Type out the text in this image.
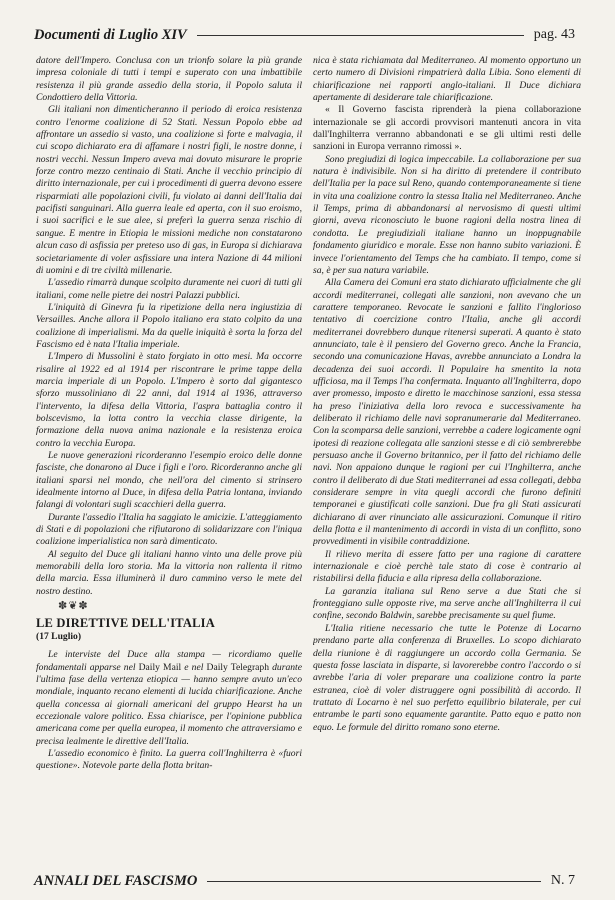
Documenti di Luglio XIV	pag. 43

datore dell'Impero. Conclusa con un trionfo solare la più grande impresa coloniale di tutti i tempi e superato con una imbattibile resistenza il più grande assedio della storia, il Popolo saluta il Condottiero della Vittoria.

Gli italiani non dimenticheranno il periodo di eroica resistenza contro l'enorme coalizione di 52 Stati. Nessun Popolo ebbe ad affrontare un assedio si vasto, una coalizione sì forte e malvagia, il cui scopo dichiarato era di affamare i nostri figli, le nostre donne, i nostri vecchi. Nessun Impero aveva mai dovuto misurare le proprie forze contro mezzo centinaio di Stati. Anche il vecchio principio di diritto internazionale, per cui i procedimenti di guerra devono essere risparmiati alle popolazioni civili, fu violato ai danni dell'Italia dai pacifisti sanguinari. Alla guerra leale ed aperta, con il suo eroismo, i suoi sacrifici e le sue alee, si preferì la guerra senza rischio di sangue. E mentre in Etiopia le missioni mediche non constatarono alcun caso di asfissia per preteso uso di gas, in Europa si dichiarava societariamente di voler asfissiare una intera Nazione di 44 milioni di uomini e di tre civiltà millenarie.

L'assedio rimarrà dunque scolpito duramente nei cuori di tutti gli italiani, come nelle pietre dei nostri Palazzi pubblici.

L'iniquità di Ginevra fu la ripetizione della nera ingiustizia di Versailles. Anche allora il Popolo italiano era stato colpito da una coalizione di imperialismi. Ma da quelle iniquità è sorta la forza del Fascismo ed è nata l'Italia imperiale.

L'Impero di Mussolini è stato forgiato in otto mesi. Ma occorre risalire al 1922 ed al 1914 per riscontrare le prime tappe della marcia imperiale di un Popolo. L'Impero è sorto dal gigantesco sforzo mussoliniano di 22 anni, dal 1914 al 1936, attraverso l'intervento, la difesa della Vittoria, l'aspra battaglia contro il bolscevismo, la lotta contro la vecchia classe dirigente, la formazione della nuova anima nazionale e la resistenza eroica contro la vecchia Europa.

Le nuove generazioni ricorderanno l'esempio eroico delle donne fasciste, che donarono al Duce i figli e l'oro. Ricorderanno anche gli italiani sparsi nel mondo, che nell'ora del cimento si strinsero idealmente intorno al Duce, in difesa della Patria lontana, inviando falangi di volontari sugli scacchieri della guerra.

Durante l'assedio l'Italia ha saggiato le amicizie. L'atteggiamento di Stati e di popolazioni che rifiutarono di solidarizzare con l'iniqua coalizione imperialistica non sarà dimenticato.

Al seguito del Duce gli italiani hanno vinto una delle prove più memorabili della loro storia. Ma la vittoria non rallenta il ritmo della marcia. Essa illuminerà il duro cammino verso le mete del nostro destino.

✽❦✽
LE DIRETTIVE DELL'ITALIA
(17 Luglio)

Le interviste del Duce alla stampa — ricordiamo quelle fondamentali apparse nel Daily Mail e nel Daily Telegraph durante l'ultima fase della vertenza etiopica — hanno sempre avuto un'eco mondiale, inquanto recano elementi di lucida chiarificazione. Anche quella concessa ai giornali americani del gruppo Hearst ha un eccezionale valore politico. Essa chiarisce, per l'opinione pubblica americana come per quella europea, il momento che attraversiamo e precisa lealmente le direttive dell'Italia.

L'assedio economico è finito. La guerra coll'Inghilterra è «fuori questione». Notevole parte della flotta britan-

nica è stata richiamata dal Mediterraneo. Al momento opportuno un certo numero di Divisioni rimpatrierà dalla Libia. Sono elementi di chiarificazione nei rapporti anglo-italiani. Il Duce dichiara apertamente di desiderare tale chiarificazione.

« Il Governo fascista riprenderà la piena collaborazione internazionale se gli accordi provvisori mantenuti ancora in vita dall'Inghilterra verranno abbandonati e se gli ultimi resti delle sanzioni in Europa verranno rimossi ».

Sono pregiudizi di logica impeccabile. La collaborazione per sua natura è indivisibile. Non si ha diritto di pretendere il contributo dell'Italia per la pace sul Reno, quando contemporaneamente si tiene in vita una coalizione contro la stessa Italia nel Mediterraneo. Anche il Temps, prima di abbandonarsi al nervosismo di questi ultimi giorni, aveva riconosciuto le buone ragioni della nostra linea di condotta. Le pregiudiziali italiane hanno un inoppugnabile fondamento giuridico e morale. Esse non hanno subito variazioni. È invece l'orientamento del Temps che ha cambiato. Il tempo, come si sa, è per sua natura variabile.

Alla Camera dei Comuni era stato dichiarato ufficialmente che gli accordi mediterranei, collegati alle sanzioni, non avevano che un carattere temporaneo. Revocate le sanzioni e fallito l'inglorioso tentativo di coercizione contro l'Italia, anche gli accordi mediterranei dovrebbero dunque ritenersi superati. A quanto è stato annunciato, tale è il pensiero del Governo greco. Anche la Francia, secondo una comunicazione Havas, avrebbe annunciato a Londra la decadenza dei suoi accordi. Il Populaire ha smentito la nota ufficiosa, ma il Temps l'ha confermata. Inquanto all'Inghilterra, dopo aver promesso, imposto e diretto le macchinose sanzioni, essa stessa ha preso l'iniziativa della loro revoca e successivamente ha deliberato il richiamo delle navi sopranumerarie dal Mediterraneo. Con la scomparsa delle sanzioni, verrebbe a cadere logicamente ogni ipotesi di reazione collegata alle sanzioni stesse e di ciò sembrerebbe persuaso anche il Governo britannico, per il fatto del richiamo delle navi. Non appaiono dunque le ragioni per cui l'Inghilterra, anche contro il deliberato di due Stati mediterranei ad essa collegati, debba considerare sempre in vita quegli accordi che furono definiti temporanei e giustificati colle sanzioni. Due fra gli Stati assicurati dichiarano di aver rinunciato alle assicurazioni. Comunque il ritiro della flotta e il mantenimento di accordi in vista di un conflitto, sono provvedimenti in visibile contraddizione.

Il rilievo merita di essere fatto per una ragione di carattere internazionale e cioè perchè tale stato di cose è contrario al ristabilirsi della fiducia e alla ripresa della collaborazione.

La garanzia italiana sul Reno serve a due Stati che si fronteggiano sulle opposte rive, ma serve anche all'Inghilterra il cui confine, secondo Baldwin, sarebbe precisamente su quel fiume.

L'Italia ritiene necessario che tutte le Potenze di Locarno prendano parte alla conferenza di Bruxelles. Lo scopo dichiarato della riunione è di raggiungere un accordo colla Germania. Se questa fosse lasciata in disparte, si lavorerebbe contro l'accordo o si avrebbe l'aria di voler preparare una coalizione contro la parte estranea, cioè di voler distruggere ogni possibilità di accordo. Il trattato di Locarno è nel suo perfetto equilibrio bilaterale, per cui entrambe le parti sono equamente garantite. Patto equo e patto non equo. Le formule del diritto romano sono eterne.

ANNALI DEL FASCISMO	N. 7
